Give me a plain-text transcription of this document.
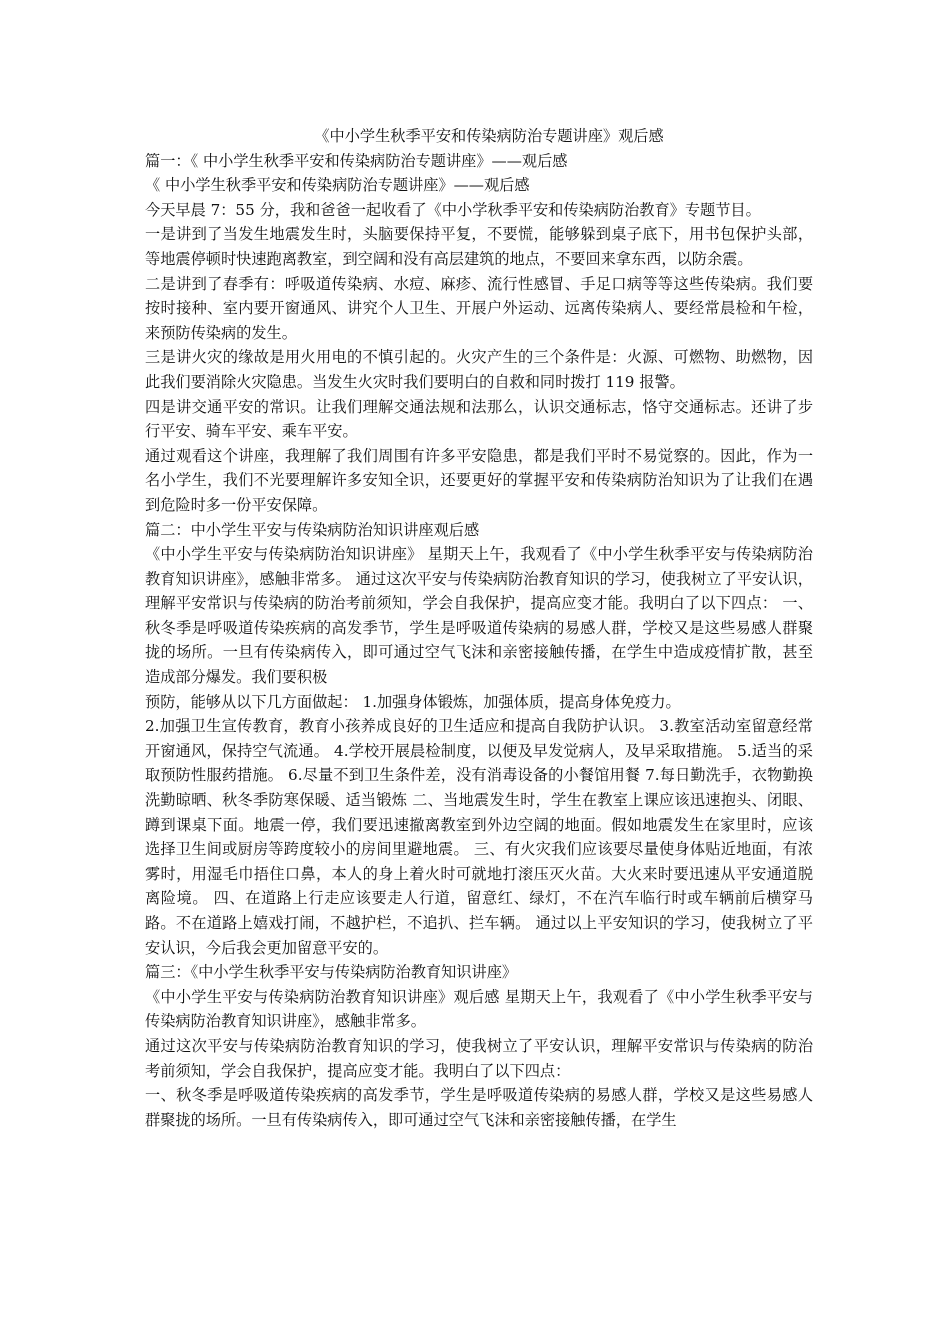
《中小学生秋季平安和传染病防治专题讲座》观后感

篇一：《 中小学生秋季平安和传染病防治专题讲座》——观后感

《 中小学生秋季平安和传染病防治专题讲座》——观后感

今天早晨 7：55 分，我和爸爸一起收看了《中小学秋季平安和传染病防治教育》专题节目。

一是讲到了当发生地震发生时，头脑要保持平复，不要慌，能够躲到桌子底下，用书包保护头部，等地震停顿时快速跑离教室，到空阔和没有高层建筑的地点，不要回来拿东西，以防余震。

二是讲到了春季有：呼吸道传染病、水痘、麻疹、流行性感冒、手足口病等等这些传染病。我们要按时接种、室内要开窗通风、讲究个人卫生、开展户外运动、远离传染病人、要经常晨检和午检，来预防传染病的发生。

三是讲火灾的缘故是用火用电的不慎引起的。火灾产生的三个条件是：火源、可燃物、助燃物，因此我们要消除火灾隐患。当发生火灾时我们要明白的自救和同时拨打 119 报警。

四是讲交通平安的常识。让我们理解交通法规和法那么，认识交通标志，恪守交通标志。还讲了步行平安、骑车平安、乘车平安。

通过观看这个讲座，我理解了我们周围有许多平安隐患，都是我们平时不易觉察的。因此，作为一名小学生，我们不光要理解许多安知全识，还要更好的掌握平安和传染病防治知识为了让我们在遇到危险时多一份平安保障。

篇二：中小学生平安与传染病防治知识讲座观后感

《中小学生平安与传染病防治知识讲座》 星期天上午，我观看了《中小学生秋季平安与传染病防治教育知识讲座》，感触非常多。 通过这次平安与传染病防治教育知识的学习，使我树立了平安认识，理解平安常识与传染病的防治考前须知，学会自我保护，提高应变才能。我明白了以下四点： 一、秋冬季是呼吸道传染疾病的高发季节，学生是呼吸道传染病的易感人群，学校又是这些易感人群聚拢的场所。一旦有传染病传入，即可通过空气飞沫和亲密接触传播，在学生中造成疫情扩散，甚至造成部分爆发。我们要积极

预防，能够从以下几方面做起： 1.加强身体锻炼，加强体质，提高身体免疫力。

2.加强卫生宣传教育，教育小孩养成良好的卫生适应和提高自我防护认识。 3.教室活动室留意经常开窗通风，保持空气流通。 4.学校开展晨检制度，以便及早发觉病人，及早采取措施。 5.适当的采取预防性服药措施。 6.尽量不到卫生条件差，没有消毒设备的小餐馆用餐 7.每日勤洗手，衣物勤换洗勤晾晒、秋冬季防寒保暖、适当锻炼 二、当地震发生时，学生在教室上课应该迅速抱头、闭眼、蹲到课桌下面。地震一停，我们要迅速撤离教室到外边空阔的地面。假如地震发生在家里时，应该选择卫生间或厨房等跨度较小的房间里避地震。 三、有火灾我们应该要尽量使身体贴近地面，有浓雾时，用湿毛巾捂住口鼻，本人的身上着火时可就地打滚压灭火苗。大火来时要迅速从平安通道脱离险境。 四、在道路上行走应该要走人行道，留意红、绿灯，不在汽车临行时或车辆前后横穿马路。不在道路上嬉戏打闹，不越护栏，不追扒、拦车辆。 通过以上平安知识的学习，使我树立了平安认识，今后我会更加留意平安的。

篇三：《中小学生秋季平安与传染病防治教育知识讲座》

《中小学生平安与传染病防治教育知识讲座》观后感 星期天上午，我观看了《中小学生秋季平安与传染病防治教育知识讲座》，感触非常多。

通过这次平安与传染病防治教育知识的学习，使我树立了平安认识，理解平安常识与传染病的防治考前须知，学会自我保护，提高应变才能。我明白了以下四点：

一、秋冬季是呼吸道传染疾病的高发季节，学生是呼吸道传染病的易感人群，学校又是这些易感人群聚拢的场所。一旦有传染病传入，即可通过空气飞沫和亲密接触传播，在学生
